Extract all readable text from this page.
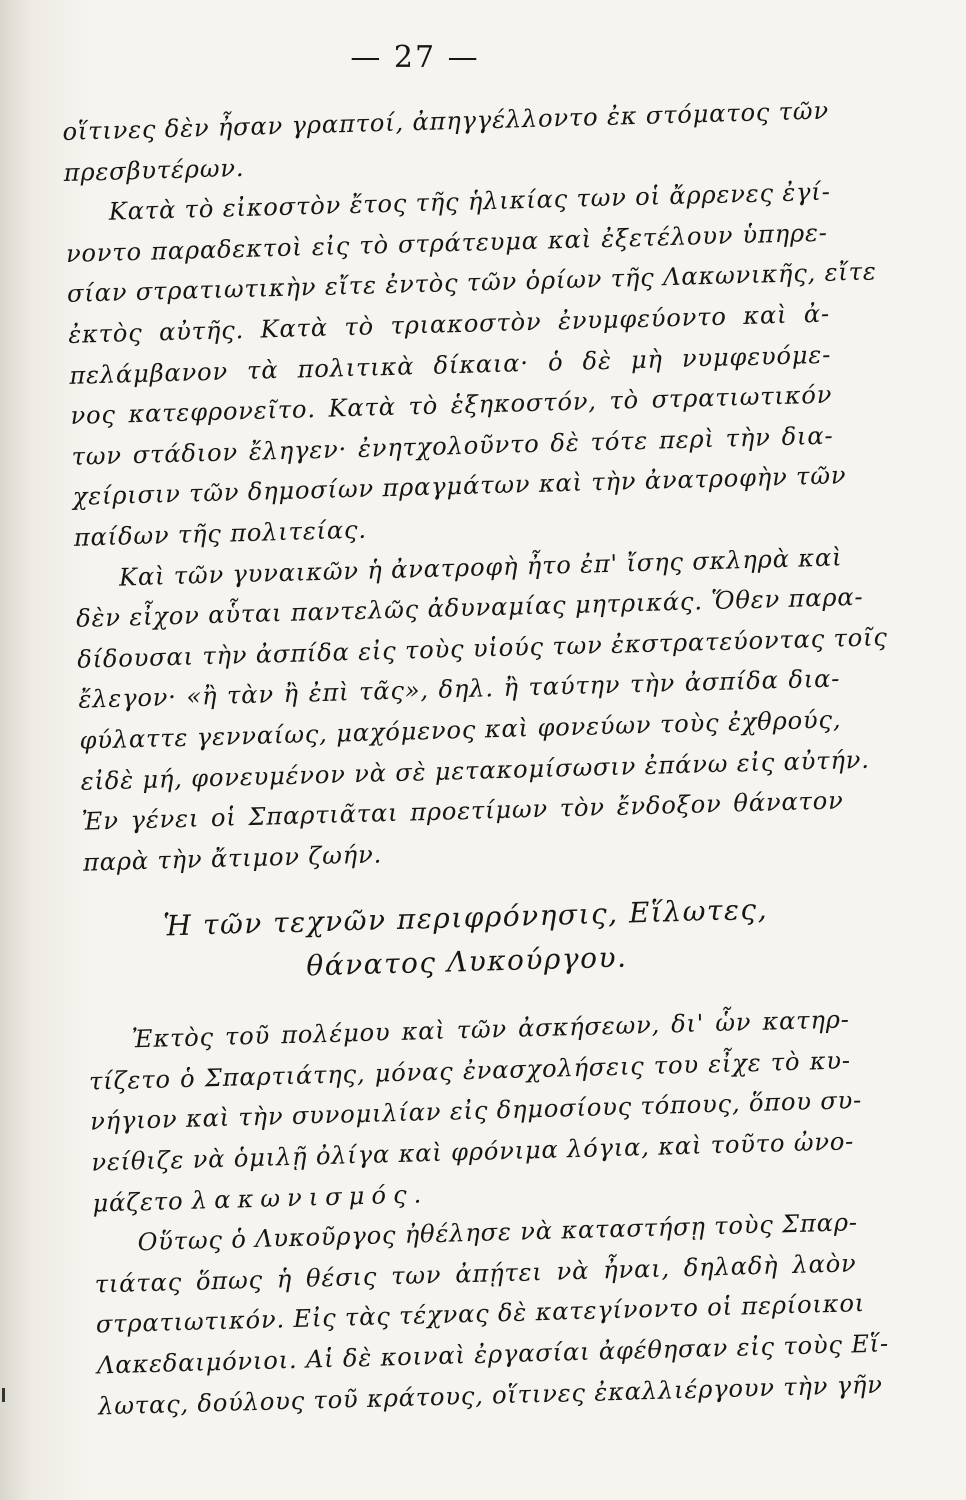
— 27 —
οἵτινες δὲν ἦσαν γραπτοί, ἀπηγγέλλοντο ἐκ στόματος τῶν
πρεσβυτέρων.
Κατὰ τὸ εἰκοστὸν ἔτος τῆς ἡλικίας των οἱ ἄρρενες ἐγί-
νοντο παραδεκτοὶ εἰς τὸ στράτευμα καὶ ἐξετέλουν ὑπηρε-
σίαν στρατιωτικὴν εἴτε ἐντὸς τῶν ὁρίων τῆς Λακωνικῆς, εἴτε
ἐκτὸς αὐτῆς. Κατὰ τὸ τριακοστὸν ἐνυμφεύοντο καὶ ἀ-
πελάμβανον τὰ πολιτικὰ δίκαια· ὁ δὲ μὴ νυμφευόμε-
νος κατεφρονεῖτο. Κατὰ τὸ ἑξηκοστόν, τὸ στρατιωτικόν
των στάδιον ἔληγεν· ἐνητχολοῦντο δὲ τότε περὶ τὴν δια-
χείρισιν τῶν δημοσίων πραγμάτων καὶ τὴν ἀνατροφὴν τῶν
παίδων τῆς πολιτείας.
Καὶ τῶν γυναικῶν ἡ ἀνατροφὴ ἦτο ἐπ' ἴσης σκληρὰ καὶ
δὲν εἶχον αὗται παντελῶς ἀδυναμίας μητρικάς. Ὅθεν παρα-
δίδουσαι τὴν ἀσπίδα εἰς τοὺς υἱούς των ἐκστρατεύοντας τοῖς
ἔλεγον· «ἢ τὰν ἢ ἐπὶ τᾶς», δηλ. ἢ ταύτην τὴν ἀσπίδα δια-
φύλαττε γενναίως, μαχόμενος καὶ φονεύων τοὺς ἐχθρούς,
εἰδὲ μή, φονευμένον νὰ σὲ μετακομίσωσιν ἐπάνω εἰς αὐτήν.
Ἐν γένει οἱ Σπαρτιᾶται προετίμων τὸν ἔνδοξον θάνατον
παρὰ τὴν ἄτιμον ζωήν.
Ἡ τῶν τεχνῶν περιφρόνησις, Εἵλωτες,
θάνατος Λυκούργου.
Ἐκτὸς τοῦ πολέμου καὶ τῶν ἀσκήσεων, δι' ὧν κατηρ-
τίζετο ὁ Σπαρτιάτης, μόνας ἐνασχολήσεις του εἶχε τὸ κυ-
νήγιον καὶ τὴν συνομιλίαν εἰς δημοσίους τόπους, ὅπου συ-
νείθιζε νὰ ὁμιλῇ ὀλίγα καὶ φρόνιμα λόγια, καὶ τοῦτο ὠνο-
μάζετο λακωνισμός.
Οὕτως ὁ Λυκοῦργος ἠθέλησε νὰ καταστήσῃ τοὺς Σπαρ-
τιάτας ὅπως ἡ θέσις των ἀπῄτει νὰ ἦναι, δηλαδὴ λαὸν
στρατιωτικόν. Εἰς τὰς τέχνας δὲ κατεγίνοντο οἱ περίοικοι
Λακεδαιμόνιοι. Αἱ δὲ κοιναὶ ἐργασίαι ἀφέθησαν εἰς τοὺς Εἵ-
λωτας, δούλους τοῦ κράτους, οἵτινες ἐκαλλιέργουν τὴν γῆν
